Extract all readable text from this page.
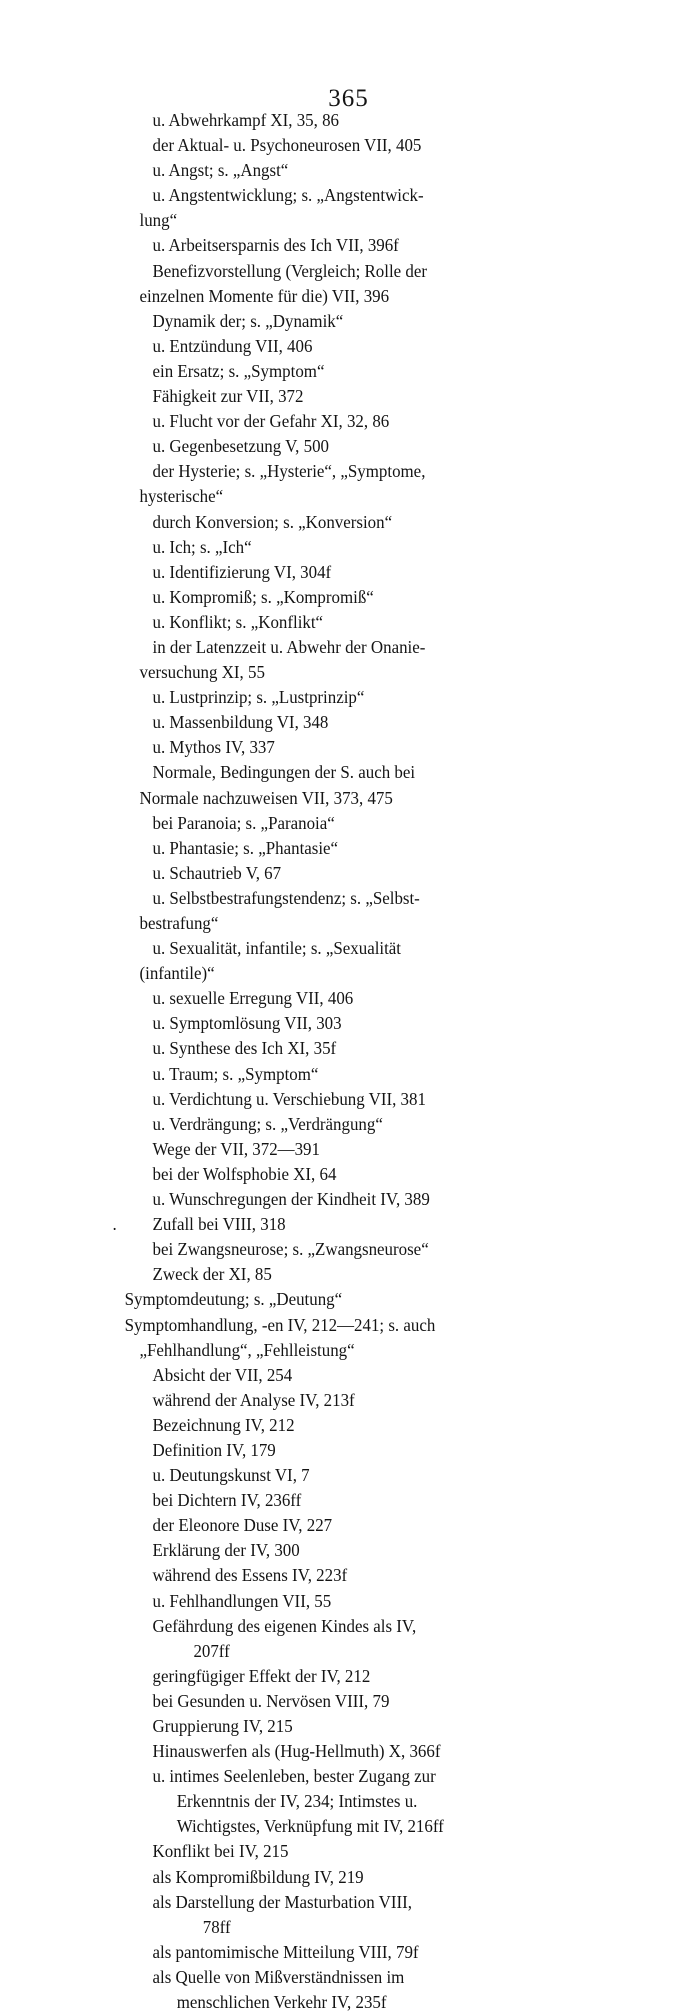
365
u. Abwehrkampf XI, 35, 86
der Aktual- u. Psychoneurosen VII, 405
u. Angst; s. „Angst“
u. Angstentwicklung; s. „Angstentwick-
lung“
u. Arbeitsersparnis des Ich VII, 396f
Benefizvorstellung (Vergleich; Rolle der
einzelnen Momente für die) VII, 396
Dynamik der; s. „Dynamik“
u. Entzündung VII, 406
ein Ersatz; s. „Symptom“
Fähigkeit zur VII, 372
u. Flucht vor der Gefahr XI, 32, 86
u. Gegenbesetzung V, 500
der Hysterie; s. „Hysterie“, „Symptome,
hysterische“
durch Konversion; s. „Konversion“
u. Ich; s. „Ich“
u. Identifizierung VI, 304f
u. Kompromiß; s. „Kompromiß“
u. Konflikt; s. „Konflikt“
in der Latenzzeit u. Abwehr der Onanie-
versuchung XI, 55
u. Lustprinzip; s. „Lustprinzip“
u. Massenbildung VI, 348
u. Mythos IV, 337
Normale, Bedingungen der S. auch bei
Normale nachzuweisen VII, 373, 475
bei Paranoia; s. „Paranoia“
u. Phantasie; s. „Phantasie“
u. Schautrieb V, 67
u. Selbstbestrafungstendenz; s. „Selbst-
bestrafung“
u. Sexualität, infantile; s. „Sexualität
(infantile)“
u. sexuelle Erregung VII, 406
u. Symptomlösung VII, 303
u. Synthese des Ich XI, 35f
u. Traum; s. „Symptom“
u. Verdichtung u. Verschiebung VII, 381
u. Verdrängung; s. „Verdrängung“
Wege der VII, 372—391
bei der Wolfsphobie XI, 64
u. Wunschregungen der Kindheit IV, 389
. Zufall bei VIII, 318
bei Zwangsneurose; s. „Zwangsneurose“
Zweck der XI, 85
Symptomdeutung; s. „Deutung“
Symptomhandlung, -en IV, 212—241; s. auch
„Fehlhandlung“, „Fehlleistung“
Absicht der VII, 254
während der Analyse IV, 213f
Bezeichnung IV, 212
Definition IV, 179
u. Deutungskunst VI, 7
bei Dichtern IV, 236ff
der Eleonore Duse IV, 227
Erklärung der IV, 300
während des Essens IV, 223f
u. Fehlhandlungen VII, 55
Gefährdung des eigenen Kindes als IV,
207ff
geringfügiger Effekt der IV, 212
bei Gesunden u. Nervösen VIII, 79
Gruppierung IV, 215
Hinauswerfen als (Hug-Hellmuth) X, 366f
u. intimes Seelenleben, bester Zugang zur
Erkenntnis der IV, 234; Intimstes u.
Wichtigstes, Verknüpfung mit IV, 216ff
Konflikt bei IV, 215
als Kompromißbildung IV, 219
als Darstellung der Masturbation VIII,
78ff
als pantomimische Mitteilung VIII, 79f
als Quelle von Mißverständnissen im
menschlichen Verkehr IV, 235f
